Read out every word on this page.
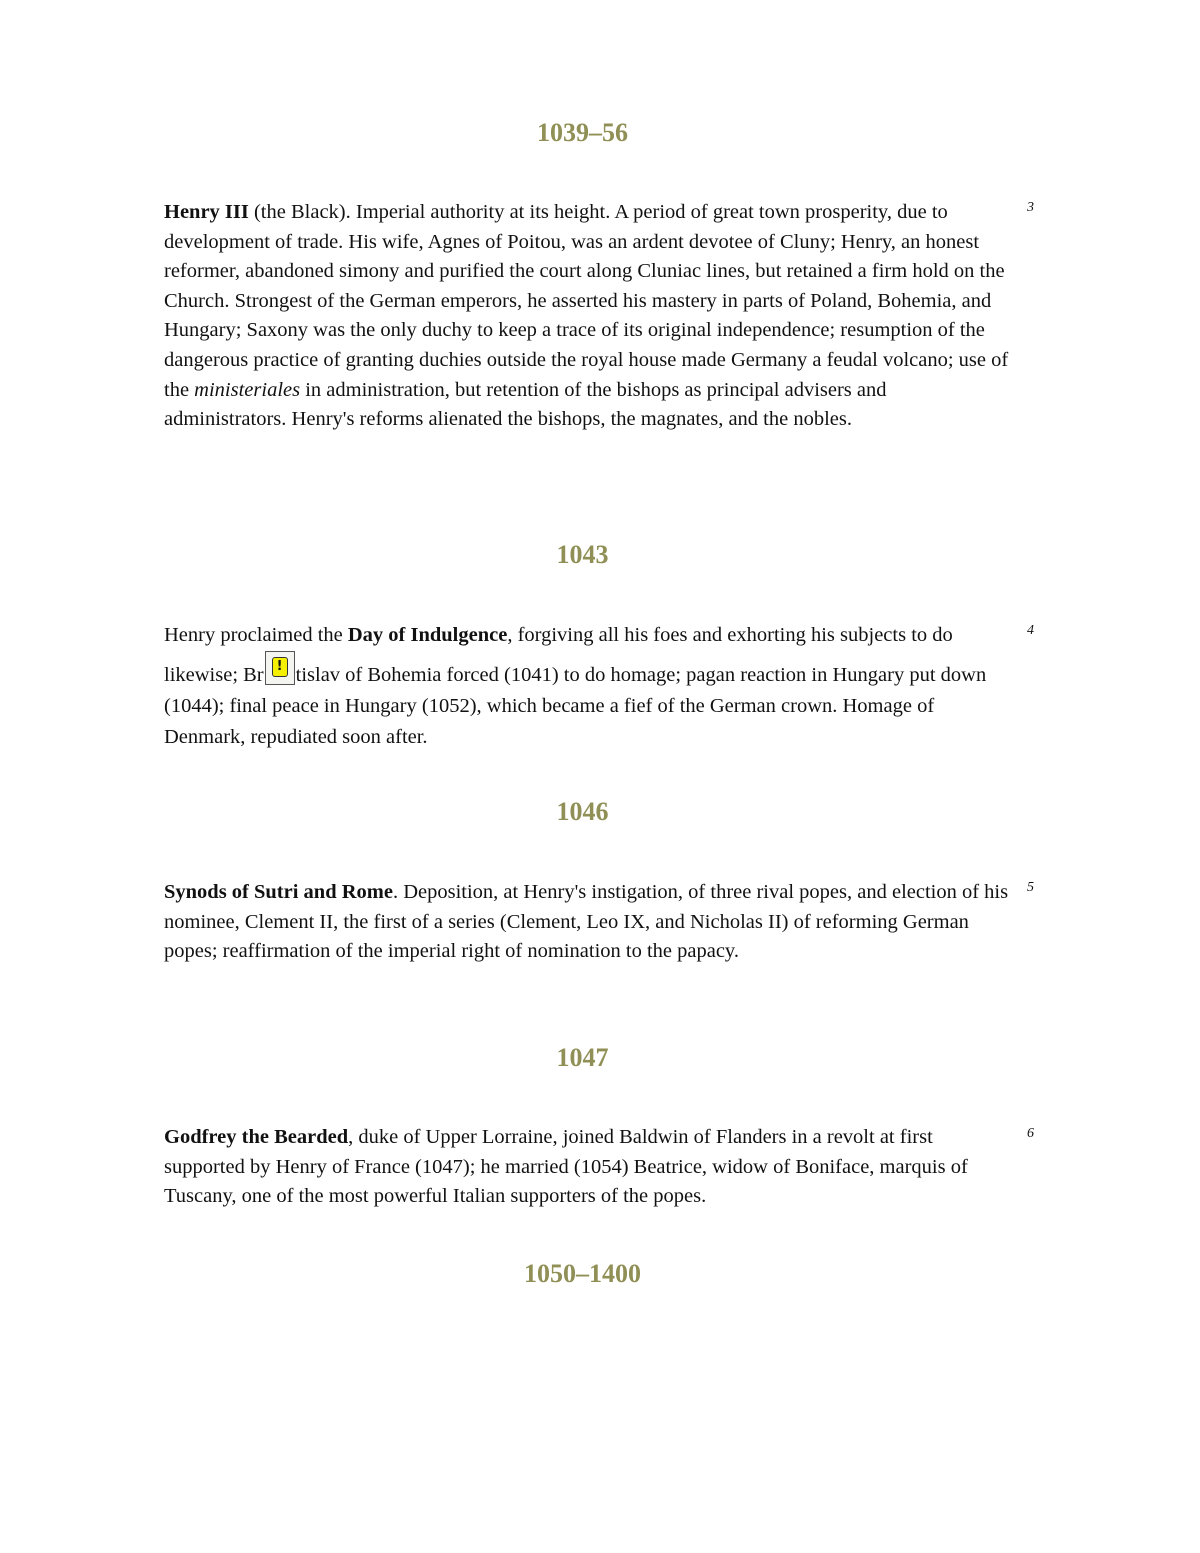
1039–56
3
Henry III (the Black). Imperial authority at its height. A period of great town prosperity, due to development of trade. His wife, Agnes of Poitou, was an ardent devotee of Cluny; Henry, an honest reformer, abandoned simony and purified the court along Cluniac lines, but retained a firm hold on the Church. Strongest of the German emperors, he asserted his mastery in parts of Poland, Bohemia, and Hungary; Saxony was the only duchy to keep a trace of its original independence; resumption of the dangerous practice of granting duchies outside the royal house made Germany a feudal volcano; use of the ministeriales in administration, but retention of the bishops as principal advisers and administrators. Henry's reforms alienated the bishops, the magnates, and the nobles.
1043
4
Henry proclaimed the Day of Indulgence, forgiving all his foes and exhorting his subjects to do likewise; Br	! tislav of Bohemia forced (1041) to do homage; pagan reaction in Hungary put down (1044); final peace in Hungary (1052), which became a fief of the German crown. Homage of Denmark, repudiated soon after.
1046
5
Synods of Sutri and Rome. Deposition, at Henry's instigation, of three rival popes, and election of his nominee, Clement II, the first of a series (Clement, Leo IX, and Nicholas II) of reforming German popes; reaffirmation of the imperial right of nomination to the papacy.
1047
6
Godfrey the Bearded, duke of Upper Lorraine, joined Baldwin of Flanders in a revolt at first supported by Henry of France (1047); he married (1054) Beatrice, widow of Boniface, marquis of Tuscany, one of the most powerful Italian supporters of the popes.
1050–1400
